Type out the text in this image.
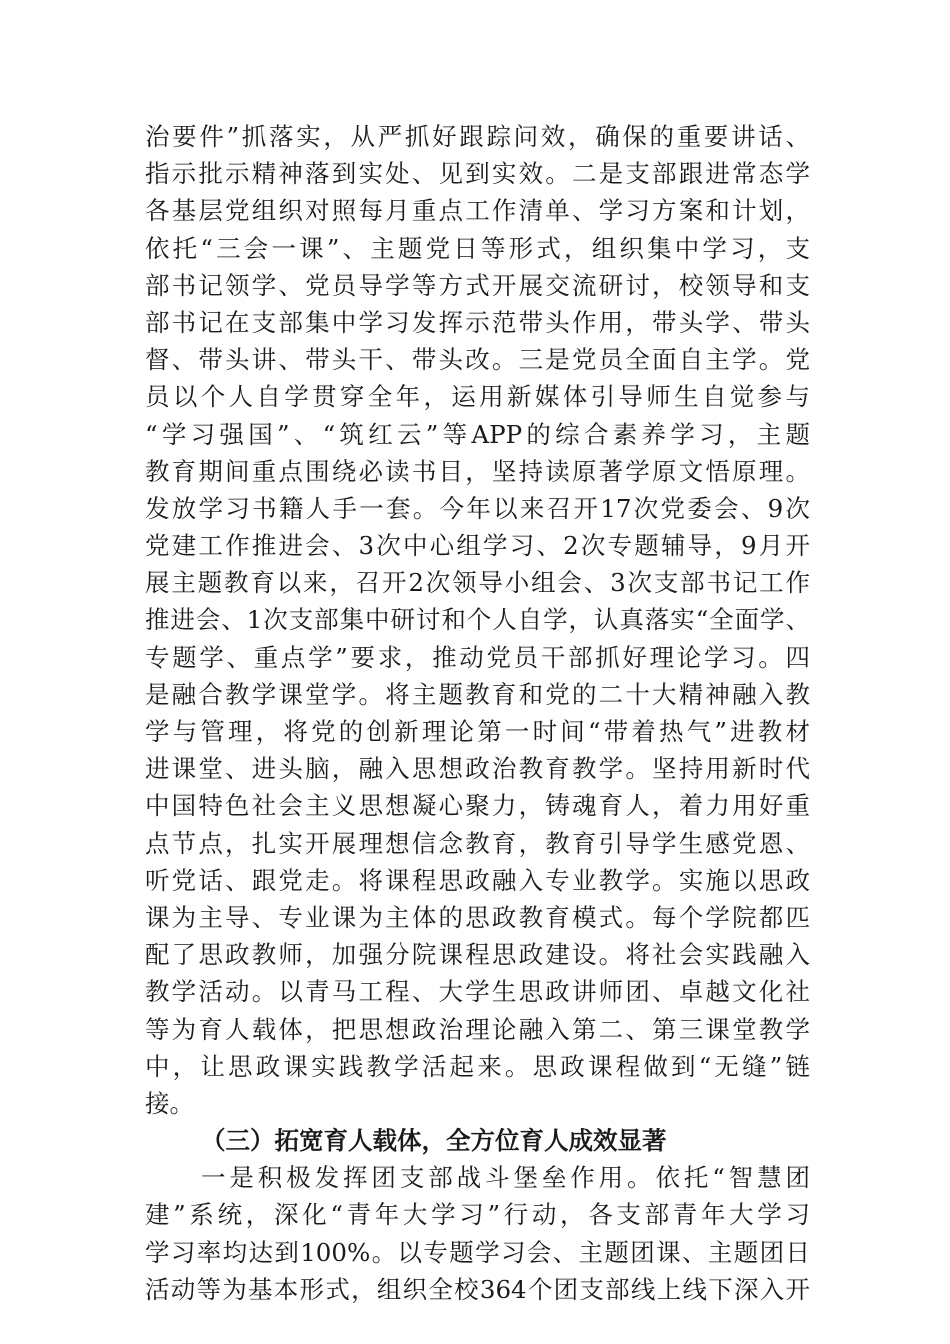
治要件”抓落实，从严抓好跟踪问效，确保的重要讲话、
指示批示精神落到实处、见到实效。二是支部跟进常态学
各基层党组织对照每月重点工作清单、学习方案和计划，
依托“三会一课”、主题党日等形式，组织集中学习，支
部书记领学、党员导学等方式开展交流研讨，校领导和支
部书记在支部集中学习发挥示范带头作用，带头学、带头
督、带头讲、带头干、带头改。三是党员全面自主学。党
员以个人自学贯穿全年，运用新媒体引导师生自觉参与
“学习强国”、“筑红云”等APP的综合素养学习，主题
教育期间重点围绕必读书目，坚持读原著学原文悟原理。
发放学习书籍人手一套。今年以来召开17次党委会、9次
党建工作推进会、3次中心组学习、2次专题辅导，9月开
展主题教育以来，召开2次领导小组会、3次支部书记工作
推进会、1次支部集中研讨和个人自学，认真落实“全面学、
专题学、重点学”要求，推动党员干部抓好理论学习。四
是融合教学课堂学。将主题教育和党的二十大精神融入教
学与管理，将党的创新理论第一时间“带着热气”进教材
进课堂、进头脑，融入思想政治教育教学。坚持用新时代
中国特色社会主义思想凝心聚力，铸魂育人，着力用好重
点节点，扎实开展理想信念教育，教育引导学生感党恩、
听党话、跟党走。将课程思政融入专业教学。实施以思政
课为主导、专业课为主体的思政教育模式。每个学院都匹
配了思政教师，加强分院课程思政建设。将社会实践融入
教学活动。以青马工程、大学生思政讲师团、卓越文化社
等为育人载体，把思想政治理论融入第二、第三课堂教学
中，让思政课实践教学活起来。思政课程做到“无缝”链
接。
（三）拓宽育人载体，全方位育人成效显著
一是积极发挥团支部战斗堡垒作用。依托“智慧团
建”系统，深化“青年大学习”行动，各支部青年大学习
学习率均达到100%。以专题学习会、主题团课、主题团日
活动等为基本形式，组织全校364个团支部线上线下深入开
